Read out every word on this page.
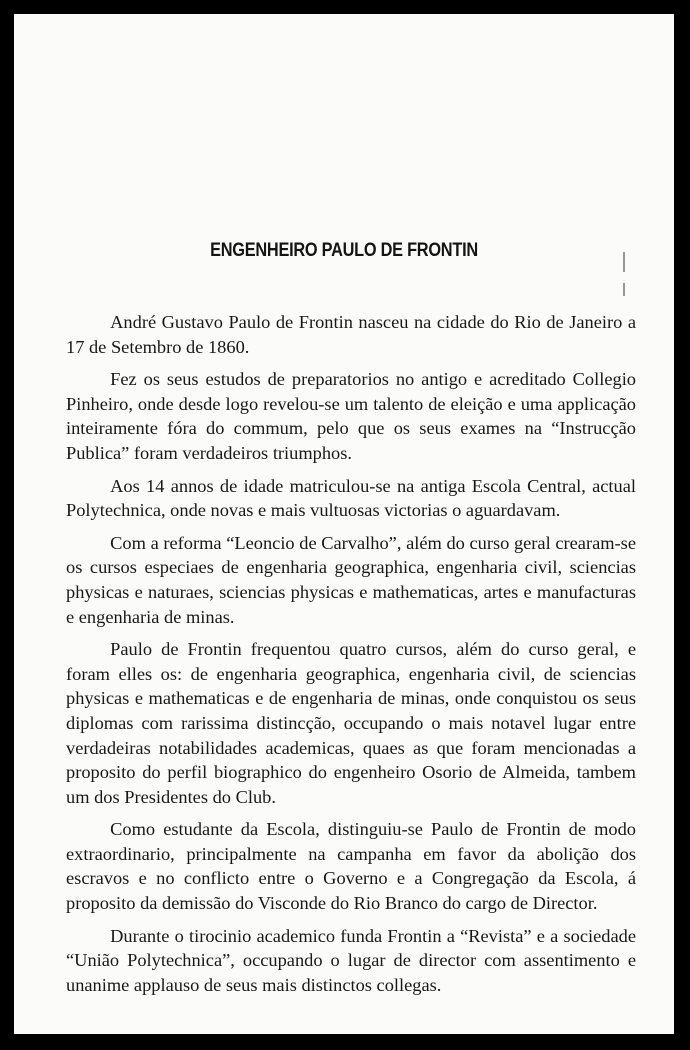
ENGENHEIRO PAULO DE FRONTIN

André Gustavo Paulo de Frontin nasceu na cidade do Rio de Janeiro a 17 de Setembro de 1860.

Fez os seus estudos de preparatorios no antigo e acreditado Collegio Pinheiro, onde desde logo revelou-se um talento de eleição e uma applicação inteiramente fóra do commum, pelo que os seus exames na “Instrucção Publica” foram verdadeiros triumphos.

Aos 14 annos de idade matriculou-se na antiga Escola Central, actual Polytechnica, onde novas e mais vultuosas victorias o aguardavam.

Com a reforma “Leoncio de Carvalho”, além do curso geral crearam-se os cursos especiaes de engenharia geographica, engenharia civil, sciencias physicas e naturaes, sciencias physicas e mathematicas, artes e manufacturas e engenharia de minas.

Paulo de Frontin frequentou quatro cursos, além do curso geral, e foram elles os: de engenharia geographica, engenharia civil, de sciencias physicas e mathematicas e de engenharia de minas, onde conquistou os seus diplomas com rarissima distincção, occupando o mais notavel lugar entre verdadeiras notabilidades academicas, quaes as que foram mencionadas a proposito do perfil biographico do engenheiro Osorio de Almeida, tambem um dos Presidentes do Club.

Como estudante da Escola, distinguiu-se Paulo de Frontin de modo extraordinario, principalmente na campanha em favor da abolição dos escravos e no conflicto entre o Governo e a Congregação da Escola, á proposito da demissão do Visconde do Rio Branco do cargo de Director.

Durante o tirocinio academico funda Frontin a “Revista” e a sociedade “União Polytechnica”, occupando o lugar de director com assentimento e unanime applauso de seus mais distinctos collegas.
